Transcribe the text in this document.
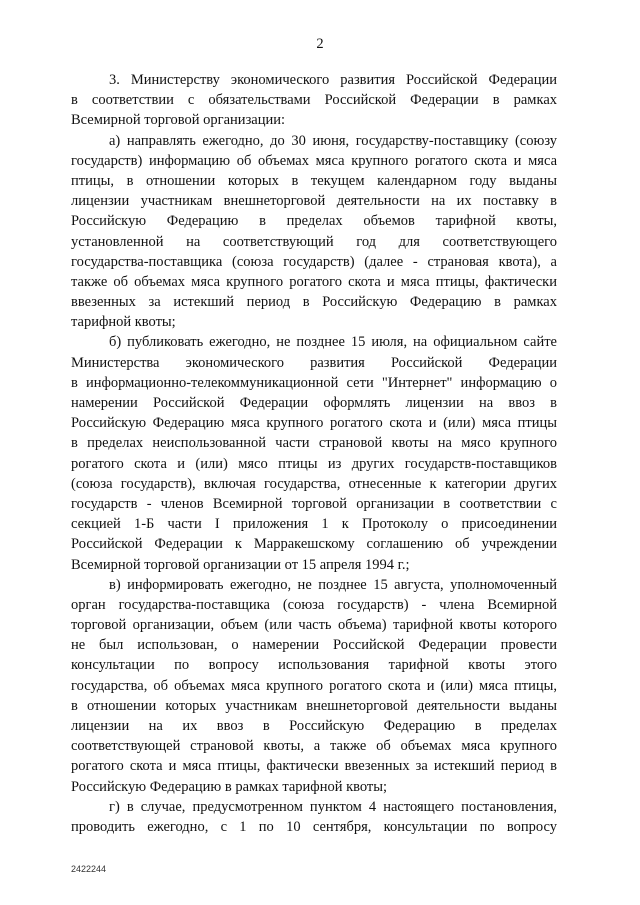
2
3. Министерству экономического развития Российской Федерации
в соответствии с обязательствами Российской Федерации в рамках
Всемирной торговой организации:
а) направлять ежегодно, до 30 июня, государству-поставщику (союзу
государств) информацию об объемах мяса крупного рогатого скота и мяса
птицы, в отношении которых в текущем календарном году выданы
лицензии участникам внешнеторговой деятельности на их поставку в
Российскую Федерацию в пределах объемов тарифной квоты,
установленной на соответствующий год для соответствующего
государства-поставщика (союза государств) (далее - страновая квота), а
также об объемах мяса крупного рогатого скота и мяса птицы, фактически
ввезенных за истекший период в Российскую Федерацию в рамках
тарифной квоты;
б) публиковать ежегодно, не позднее 15 июля, на официальном сайте
Министерства экономического развития Российской Федерации
в информационно-телекоммуникационной сети "Интернет" информацию о
намерении Российской Федерации оформлять лицензии на ввоз в
Российскую Федерацию мяса крупного рогатого скота и (или) мяса птицы
в пределах неиспользованной части страновой квоты на мясо крупного
рогатого скота и (или) мясо птицы из других государств-поставщиков
(союза государств), включая государства, отнесенные к категории других
государств - членов Всемирной торговой организации в соответствии с
секцией 1-Б части I приложения 1 к Протоколу о присоединении
Российской Федерации к Марракешскому соглашению об учреждении
Всемирной торговой организации от 15 апреля 1994 г.;
в) информировать ежегодно, не позднее 15 августа, уполномоченный
орган государства-поставщика (союза государств) - члена Всемирной
торговой организации, объем (или часть объема) тарифной квоты которого
не был использован, о намерении Российской Федерации провести
консультации по вопросу использования тарифной квоты этого
государства, об объемах мяса крупного рогатого скота и (или) мяса птицы,
в отношении которых участникам внешнеторговой деятельности выданы
лицензии на их ввоз в Российскую Федерацию в пределах
соответствующей страновой квоты, а также об объемах мяса крупного
рогатого скота и мяса птицы, фактически ввезенных за истекший период в
Российскую Федерацию в рамках тарифной квоты;
г) в случае, предусмотренном пунктом 4 настоящего постановления,
проводить ежегодно, с 1 по 10 сентября, консультации по вопросу
2422244
